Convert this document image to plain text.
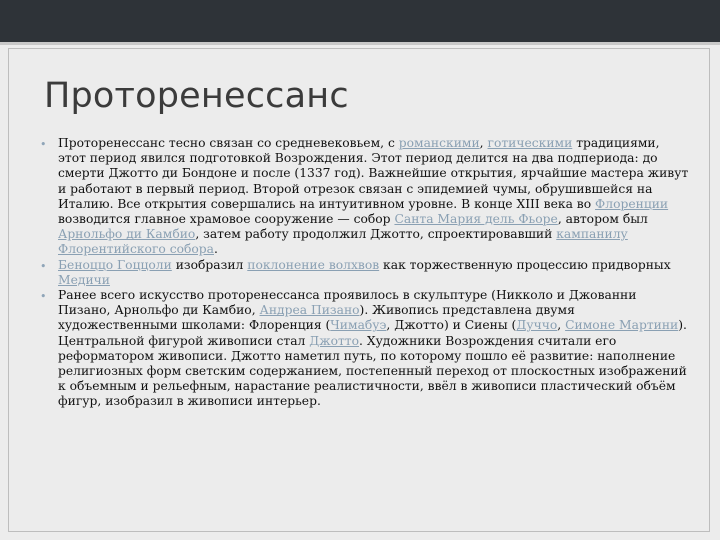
Проторенессанс
• Проторенессанс тесно связан со средневековьем, с романскими, готическими традициями, этот период явился подготовкой Возрождения. Этот период делится на два подпериода: до смерти Джотто ди Бондоне и после (1337 год). Важнейшие открытия, ярчайшие мастера живут и работают в первый период. Второй отрезок связан с эпидемией чумы, обрушившейся на Италию. Все открытия совершались на интуитивном уровне. В конце XIII века во Флоренции возводится главное храмовое сооружение — собор Санта Мария дель Фьоре, автором был Арнольфо ди Камбио, затем работу продолжил Джотто, спроектировавший кампанилу Флорентийского собора.
• Беноццо Гоццоли изобразил поклонение волхвов как торжественную процессию придворных Медичи
• Ранее всего искусство проторенессанса проявилось в скульптуре (Никколо и Джованни Пизано, Арнольфо ди Камбио, Андреа Пизано). Живопись представлена двумя художественными школами: Флоренция (Чимабуэ, Джотто) и Сиены (Дуччо, Симоне Мартини). Центральной фигурой живописи стал Джотто. Художники Возрождения считали его реформатором живописи. Джотто наметил путь, по которому пошло её развитие: наполнение религиозных форм светским содержанием, постепенный переход от плоскостных изображений к объемным и рельефным, нарастание реалистичности, ввёл в живописи пластический объём фигур, изобразил в живописи интерьер.
